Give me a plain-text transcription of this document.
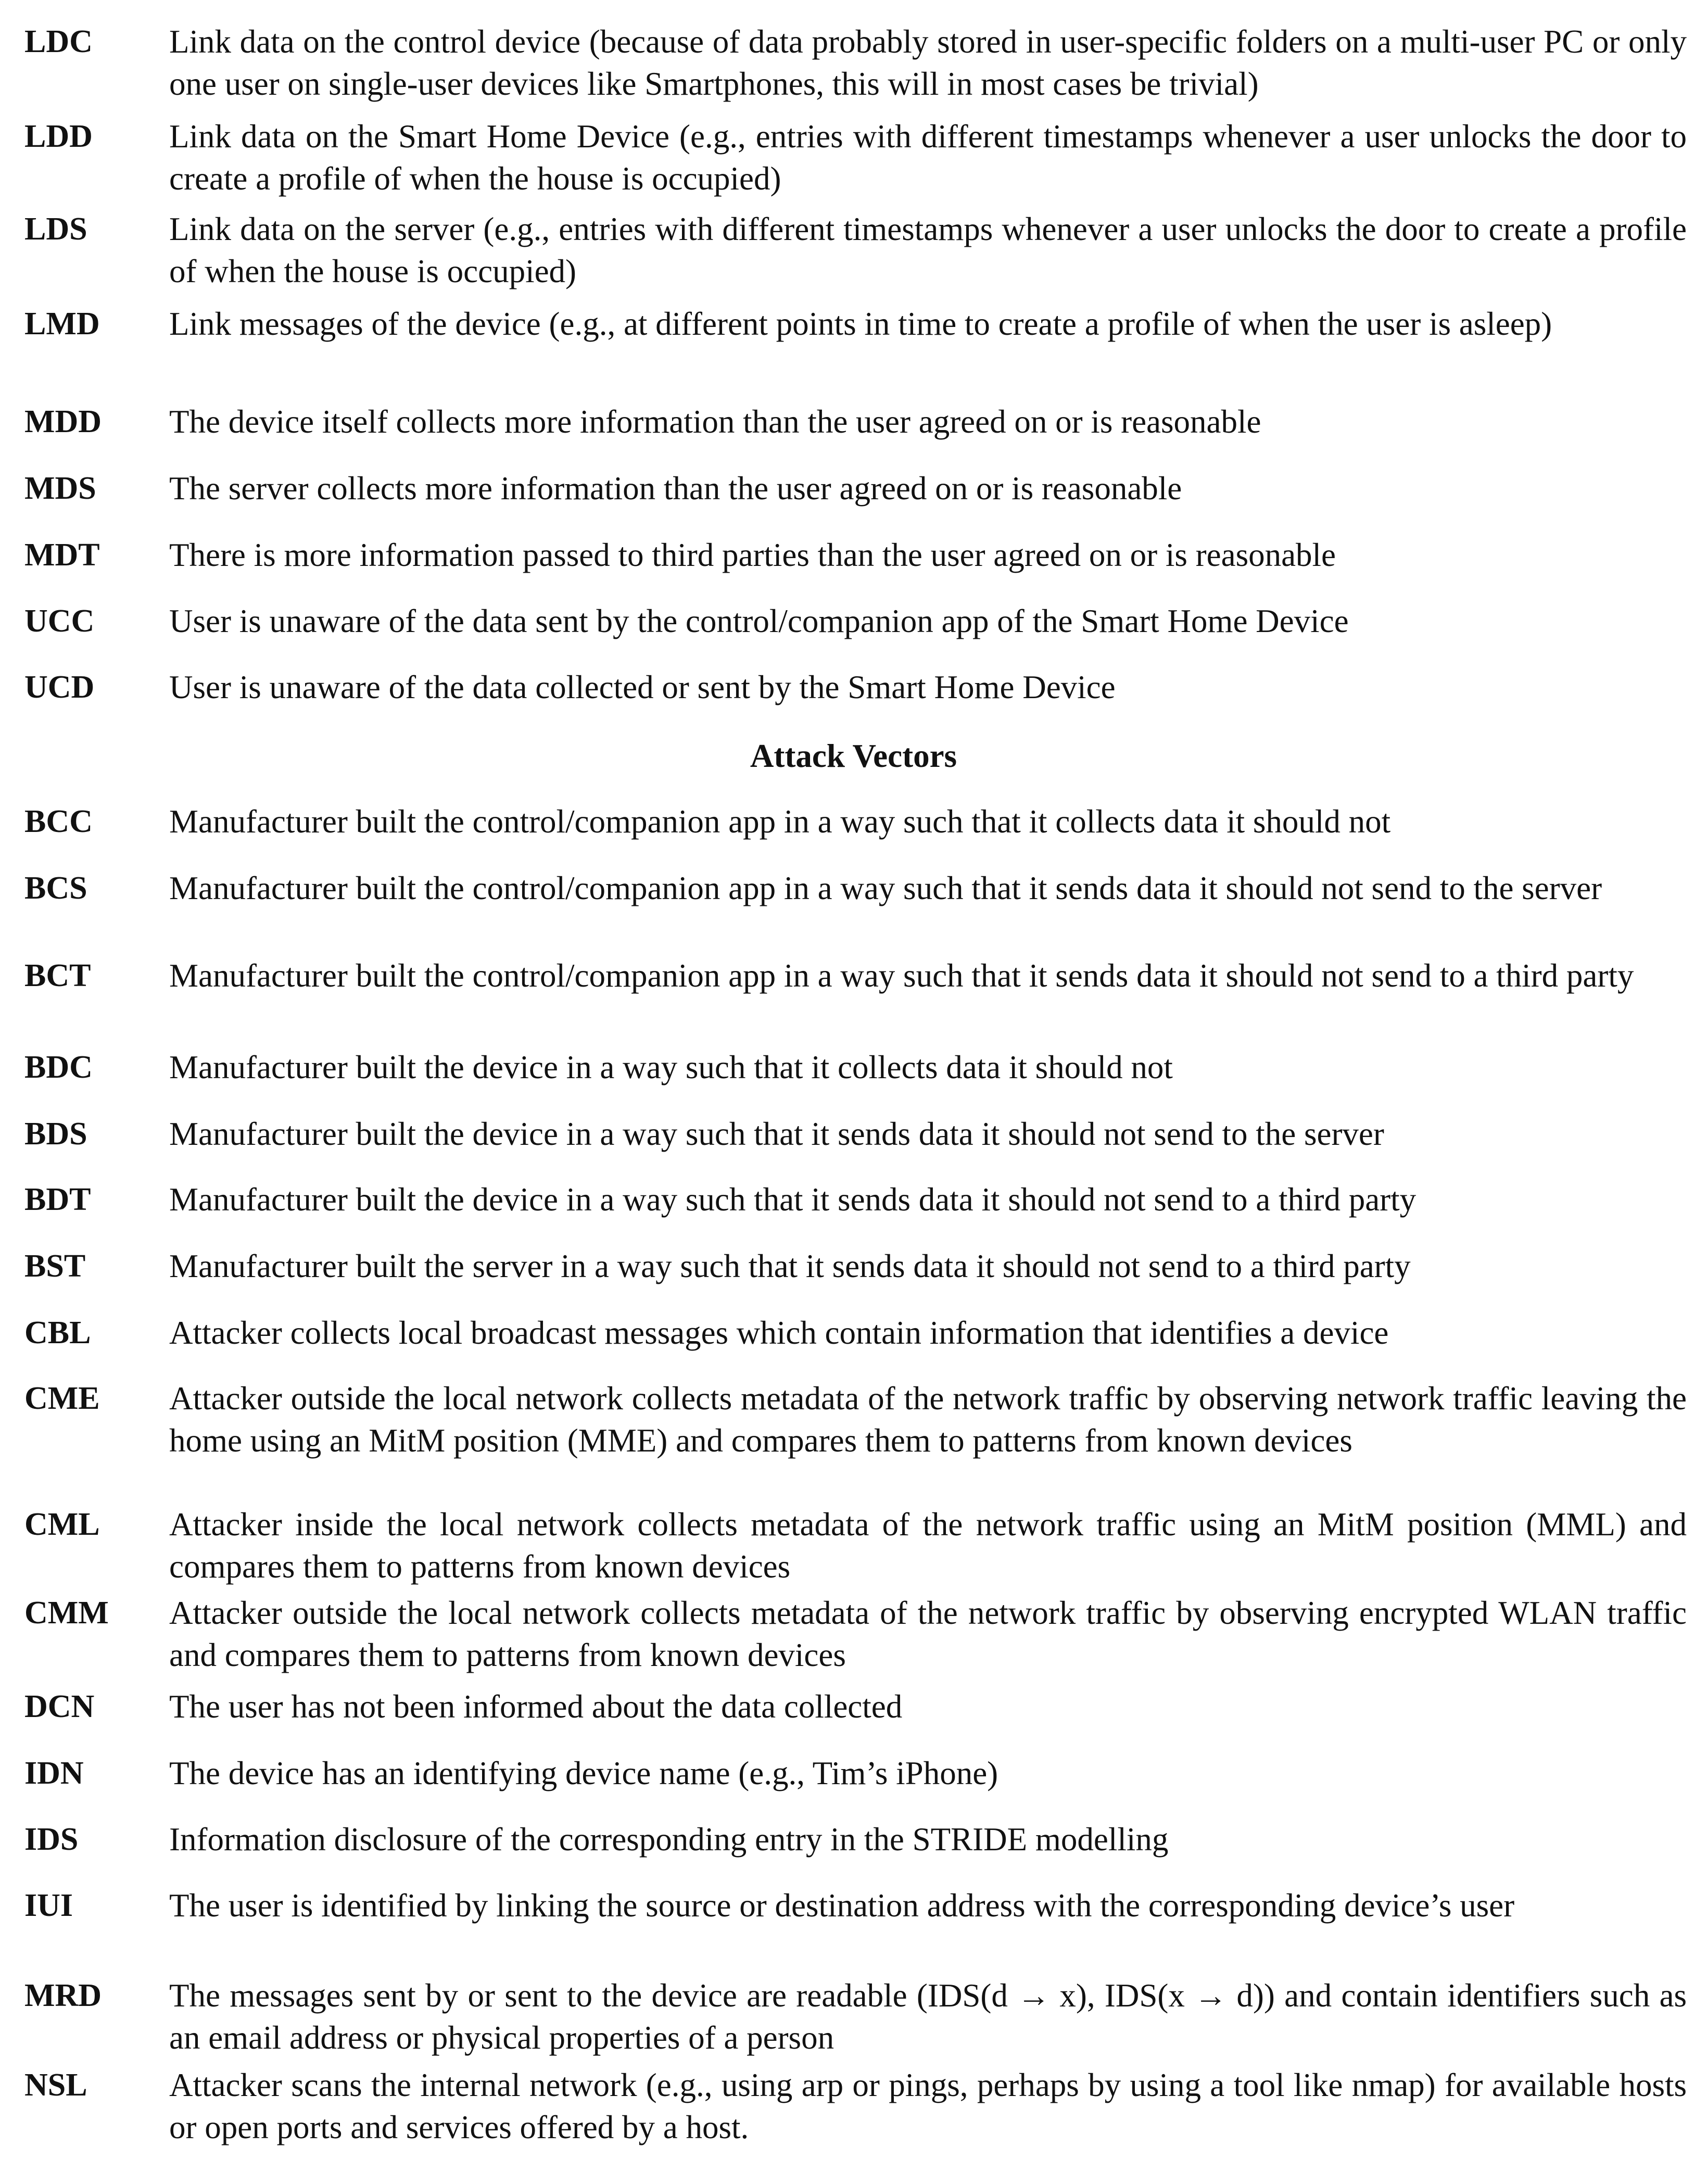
LDC Link data on the control device (because of data probably stored in user-specific folders on a multi-user PC or only one user on single-user devices like Smartphones, this will in most cases be trivial)
LDD Link data on the Smart Home Device (e.g., entries with different timestamps whenever a user unlocks the door to create a profile of when the house is occupied)
LDS Link data on the server (e.g., entries with different timestamps whenever a user unlocks the door to create a profile of when the house is occupied)
LMD Link messages of the device (e.g., at different points in time to create a profile of when the user is asleep)
MDD The device itself collects more information than the user agreed on or is reasonable
MDS The server collects more information than the user agreed on or is reasonable
MDT There is more information passed to third parties than the user agreed on or is reasonable
UCC User is unaware of the data sent by the control/companion app of the Smart Home Device
UCD User is unaware of the data collected or sent by the Smart Home Device
Attack Vectors
BCC Manufacturer built the control/companion app in a way such that it collects data it should not
BCS Manufacturer built the control/companion app in a way such that it sends data it should not send to the server
BCT Manufacturer built the control/companion app in a way such that it sends data it should not send to a third party
BDC Manufacturer built the device in a way such that it collects data it should not
BDS Manufacturer built the device in a way such that it sends data it should not send to the server
BDT Manufacturer built the device in a way such that it sends data it should not send to a third party
BST	Manufacturer built the server in a way such that it sends data it should not send to a third party
CBL Attacker collects local broadcast messages which contain information that identifies a device
CME Attacker outside the local network collects metadata of the network traffic by observing network traffic leaving the home using an MitM position (MME) and compares them to patterns from known devices
CML Attacker inside the local network collects metadata of the network traffic using an MitM position (MML) and compares them to patterns from known devices
CMM Attacker outside the local network collects metadata of the network traffic by observing encrypted WLAN traffic and compares them to patterns from known devices
DCN The user has not been informed about the data collected
IDN	The device has an identifying device name (e.g., Tim’s iPhone)
IDS	Information disclosure of the corresponding entry in the STRIDE modelling
IUI	The user is identified by linking the source or destination address with the corresponding device’s user
MRD The messages sent by or sent to the device are readable (IDS(d → x), IDS(x → d)) and contain identifiers such as an email address or physical properties of a person
NSL Attacker scans the internal network (e.g., using arp or pings, perhaps by using a tool like nmap) for available hosts or open ports and services offered by a host.
